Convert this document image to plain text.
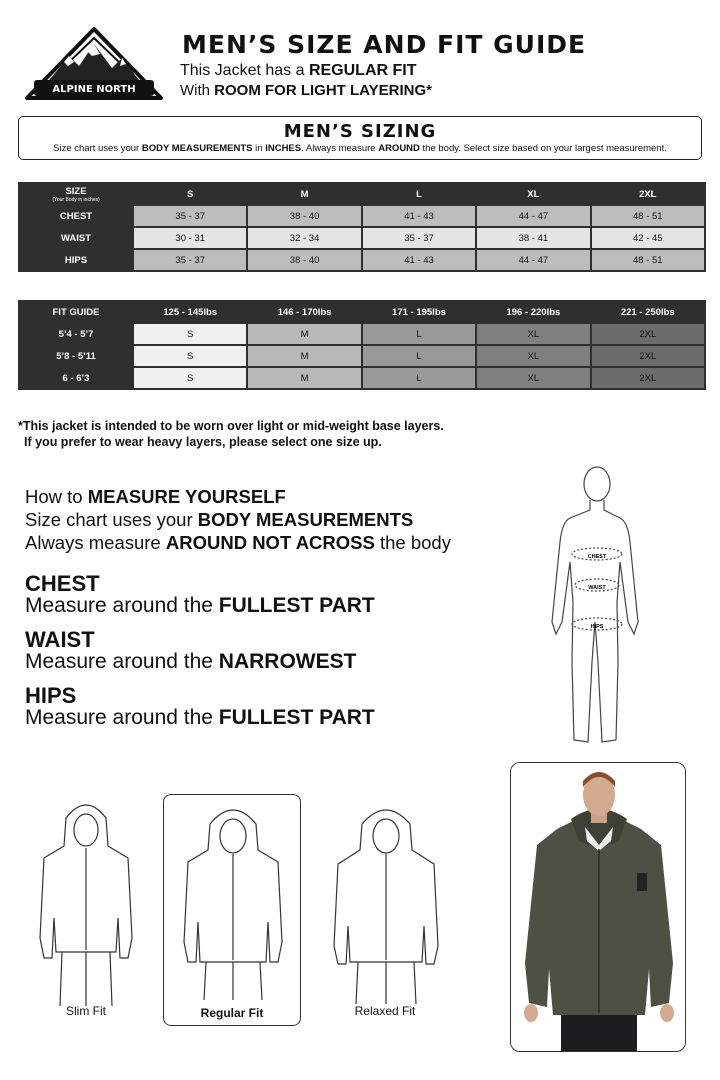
ALPINE NORTH
MEN’S SIZE AND FIT GUIDE
This Jacket has a REGULAR FIT
With ROOM FOR LIGHT LAYERING*
MEN’S SIZING
Size chart uses your BODY MEASUREMENTS in INCHES. Always measure AROUND the body. Select size based on your largest measurement.
SIZE
(Your Body in inches)	S	M	L	XL	2XL
CHEST	35 - 37	38 - 40	41 - 43	44 - 47	48 - 51
WAIST	30 - 31	32 - 34	35 - 37	38 - 41	42 - 45
HIPS	35 - 37	38 - 40	41 - 43	44 - 47	48 - 51
FIT GUIDE	125 - 145lbs	146 - 170lbs	171 - 195lbs	196 - 220lbs	221 - 250lbs
5’4 - 5’7	S	M	L	XL	2XL
5’8 - 5’11	S	M	L	XL	2XL
6 - 6’3	S	M	L	XL	2XL
*This jacket is intended to be worn over light or mid-weight base layers.
If you prefer to wear heavy layers, please select one size up.
How to MEASURE YOURSELF
Size chart uses your BODY MEASUREMENTS
Always measure AROUND NOT ACROSS the body
CHEST
Measure around the FULLEST PART
WAIST
Measure around the NARROWEST
HIPS
Measure around the FULLEST PART
CHEST
WAIST
HIPS
Slim Fit	Regular Fit	Relaxed Fit
